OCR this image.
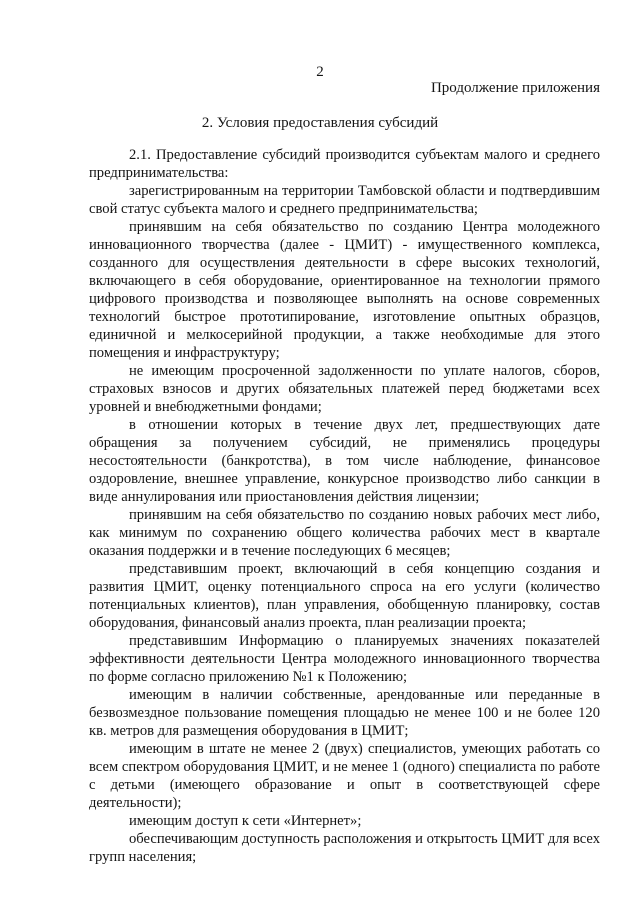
2
Продолжение приложения
2. Условия предоставления субсидий

2.1. Предоставление субсидий производится субъектам малого и среднего предпринимательства:

зарегистрированным на территории Тамбовской области и подтвердившим свой статус субъекта малого и среднего предпринимательства;

принявшим на себя обязательство по созданию Центра молодежного инновационного творчества (далее - ЦМИТ) - имущественного комплекса, созданного для осуществления деятельности в сфере высоких технологий, включающего в себя оборудование, ориентированное на технологии прямого цифрового производства и позволяющее выполнять на основе современных технологий быстрое прототипирование, изготовление опытных образцов, единичной и мелкосерийной продукции, а также необходимые для этого помещения и инфраструктуру;

не имеющим просроченной задолженности по уплате налогов, сборов, страховых взносов и других обязательных платежей перед бюджетами всех уровней и внебюджетными фондами;

в отношении которых в течение двух лет, предшествующих дате обращения за получением субсидий, не применялись процедуры несостоятельности (банкротства), в том числе наблюдение, финансовое оздоровление, внешнее управление, конкурсное производство либо санкции в виде аннулирования или приостановления действия лицензии;

принявшим на себя обязательство по созданию новых рабочих мест либо, как минимум по сохранению общего количества рабочих мест в квартале оказания поддержки и в течение последующих 6 месяцев;

представившим проект, включающий в себя концепцию создания и развития ЦМИТ, оценку потенциального спроса на его услуги (количество потенциальных клиентов), план управления, обобщенную планировку, состав оборудования, финансовый анализ проекта, план реализации проекта;

представившим Информацию о планируемых значениях показателей эффективности деятельности Центра молодежного инновационного творчества по форме согласно приложению №1 к Положению;

имеющим в наличии собственные, арендованные или переданные в безвозмездное пользование помещения площадью не менее 100 и не более 120 кв. метров для размещения оборудования в ЦМИТ;

имеющим в штате не менее 2 (двух) специалистов, умеющих работать со всем спектром оборудования ЦМИТ, и не менее 1 (одного) специалиста по работе с детьми (имеющего образование и опыт в соответствующей сфере деятельности);

имеющим доступ к сети «Интернет»;

обеспечивающим доступность расположения и открытость ЦМИТ для всех групп населения;
